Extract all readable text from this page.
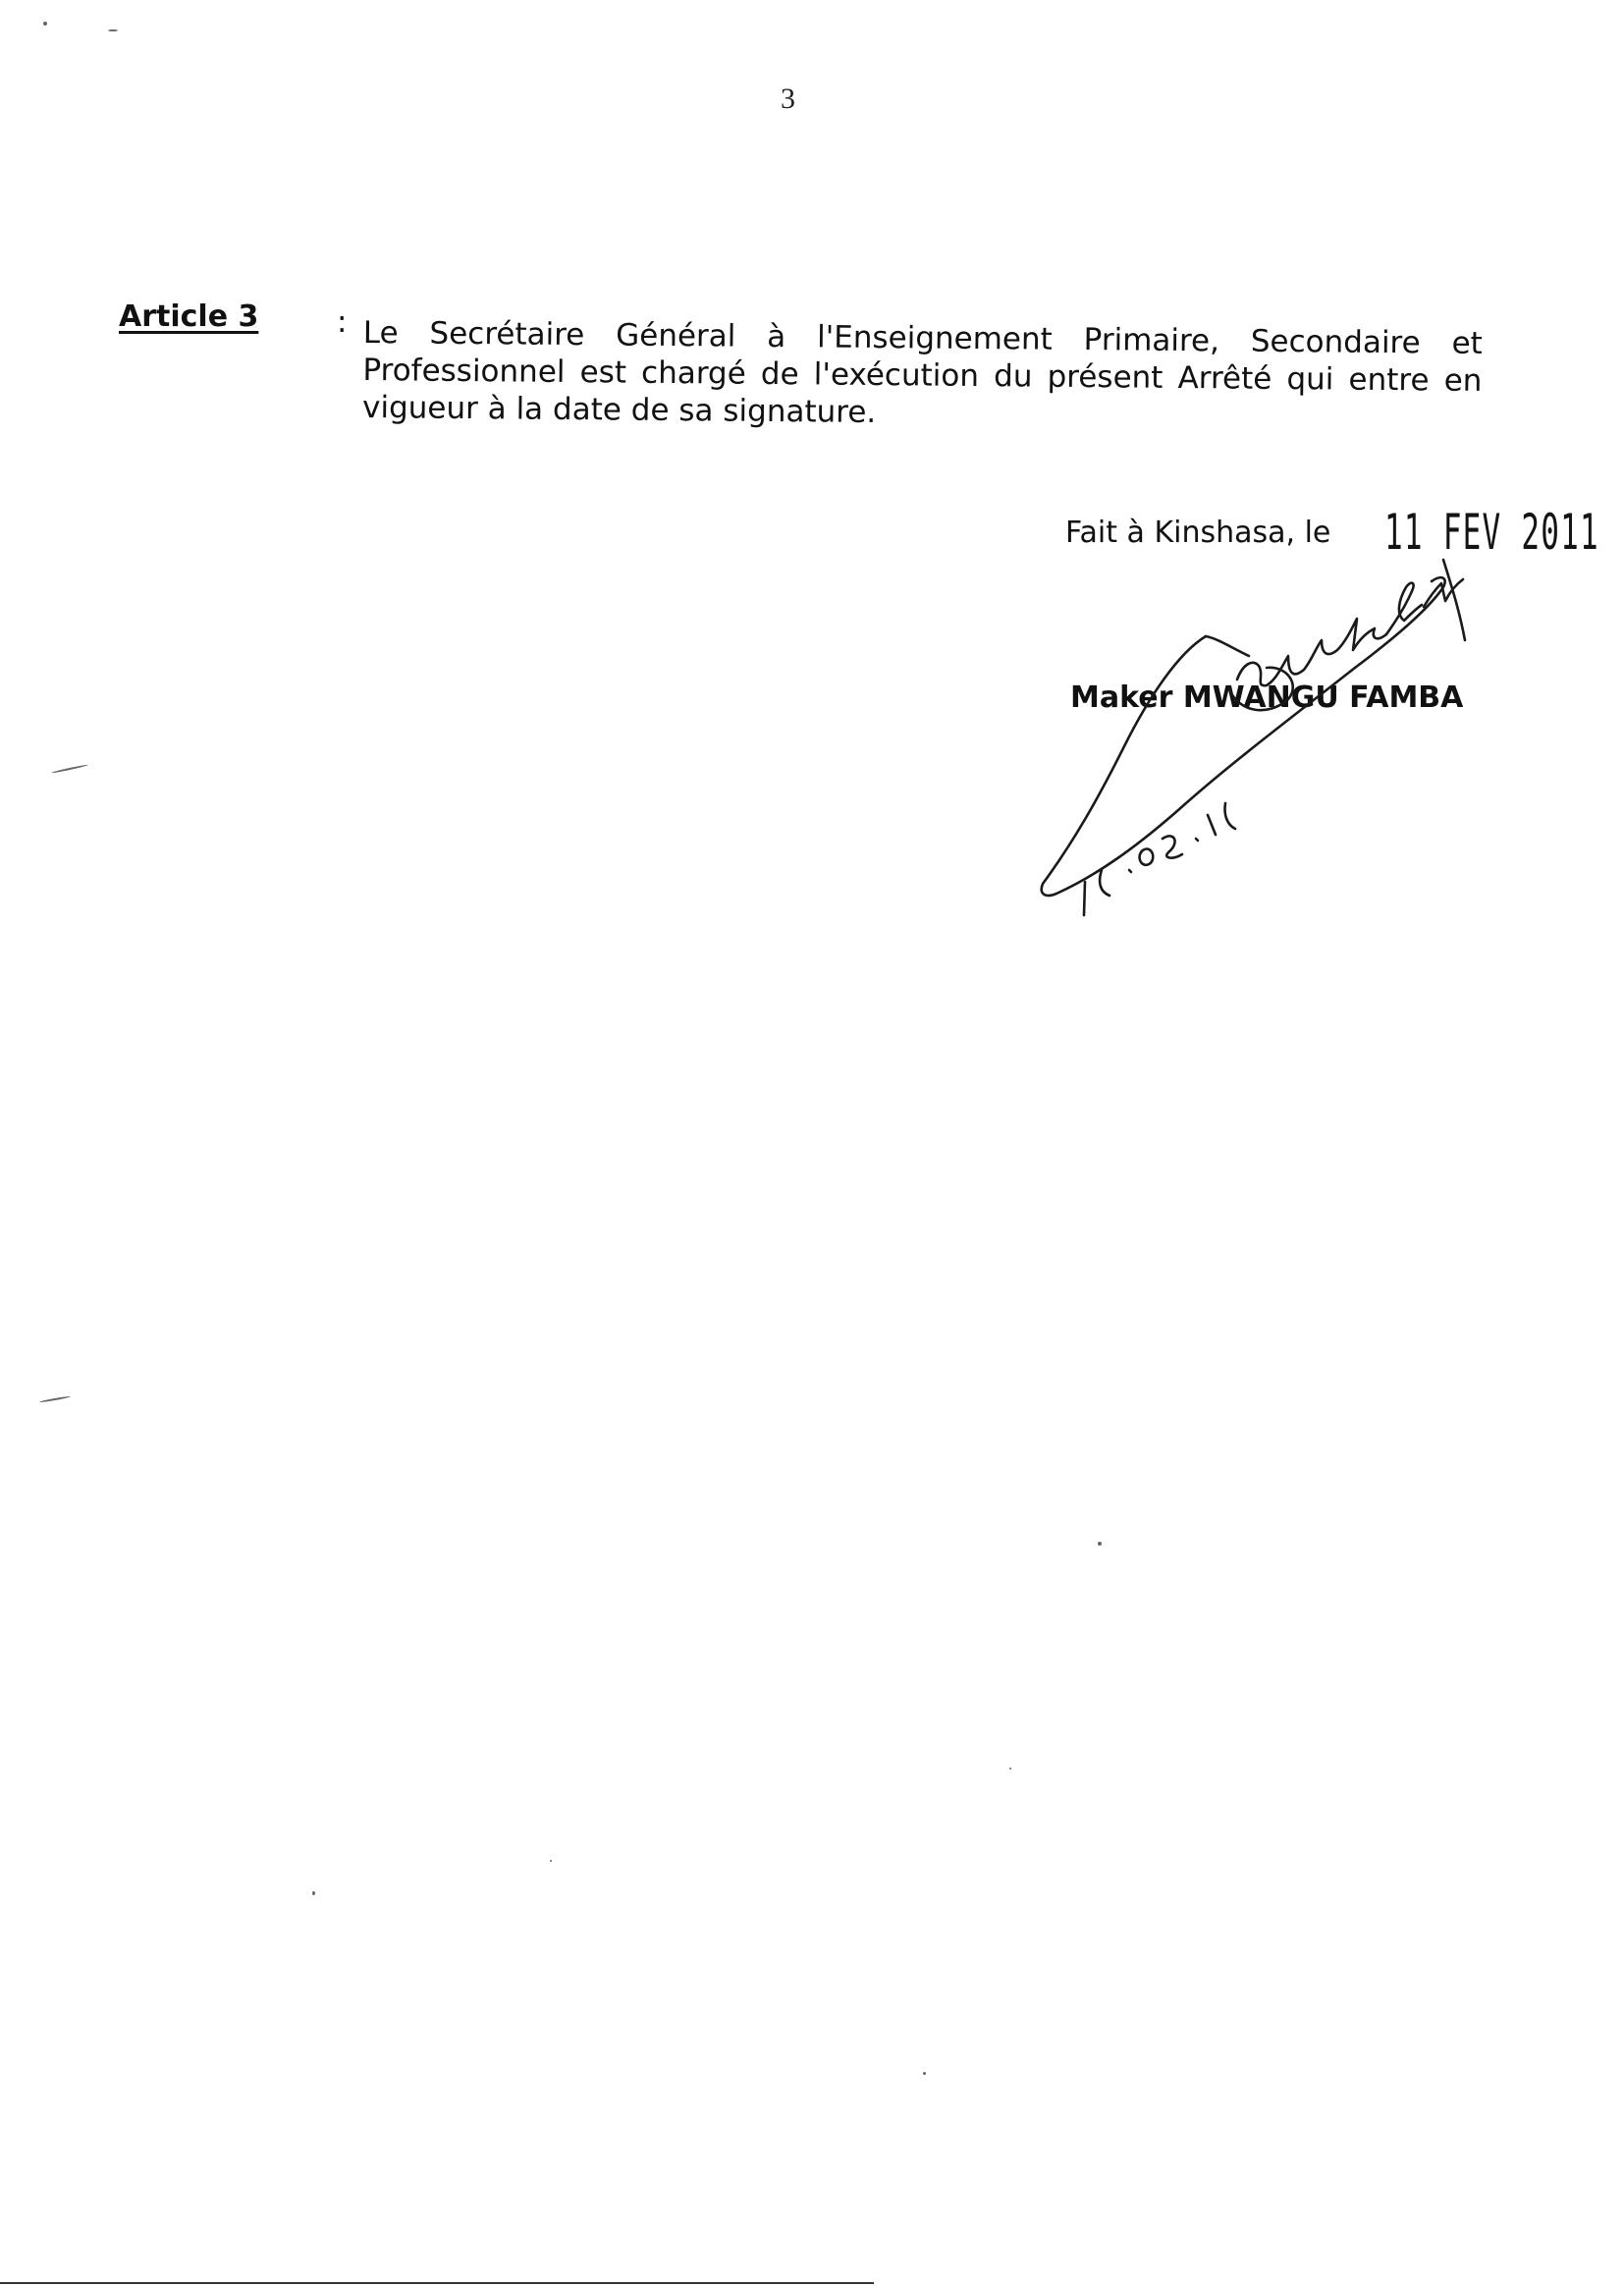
3
Article 3	: Le Secrétaire Général à l'Enseignement Primaire, Secondaire et Professionnel est chargé de l'exécution du présent Arrêté qui entre en vigueur à la date de sa signature.
Fait à Kinshasa, le 11 FEV 2011
Maker MWANGU FAMBA
